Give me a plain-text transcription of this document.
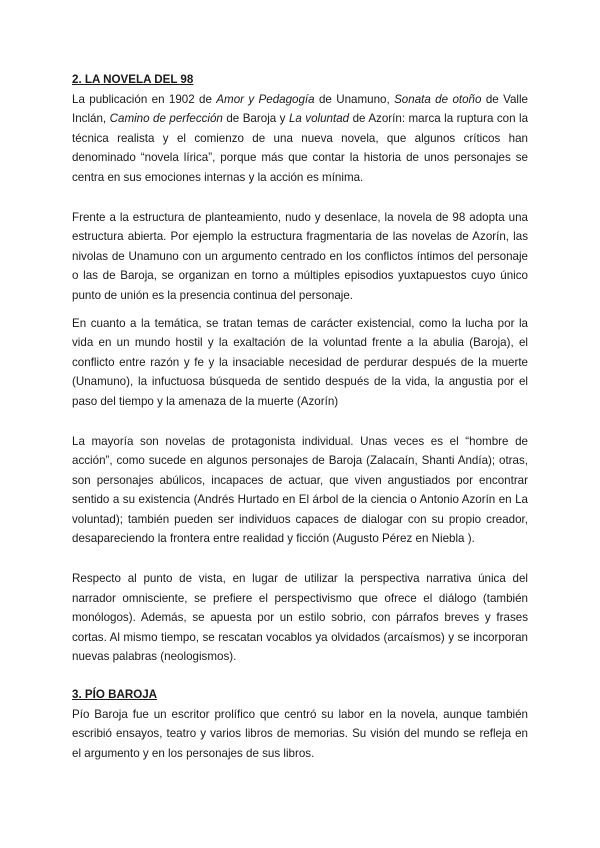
2. LA NOVELA DEL 98

La publicación en 1902 de Amor y Pedagogía de Unamuno, Sonata de otoño de Valle Inclán, Camino de perfección de Baroja y La voluntad de Azorín: marca la ruptura con la técnica realista y el comienzo de una nueva novela, que algunos críticos han denominado “novela lírica”, porque más que contar la historia de unos personajes se centra en sus emociones internas y la acción es mínima.

Frente a la estructura de planteamiento, nudo y desenlace, la novela de 98 adopta una estructura abierta. Por ejemplo la estructura fragmentaria de las novelas de Azorín, las nivolas de Unamuno con un argumento centrado en los conflictos íntimos del personaje o las de Baroja, se organizan en torno a múltiples episodios yuxtapuestos cuyo único punto de unión es la presencia continua del personaje.

En cuanto a la temática, se tratan temas de carácter existencial, como la lucha por la vida en un mundo hostil y la exaltación de la voluntad frente a la abulia (Baroja), el conflicto entre razón y fe y la insaciable necesidad de perdurar después de la muerte (Unamuno), la infuctuosa búsqueda de sentido después de la vida, la angustia por el paso del tiempo y la amenaza de la muerte (Azorín)

La mayoría son novelas de protagonista individual. Unas veces es el “hombre de acción”, como sucede en algunos personajes de Baroja (Zalacaín, Shanti Andía); otras, son personajes abúlicos, incapaces de actuar, que viven angustiados por encontrar sentido a su existencia (Andrés Hurtado en El árbol de la ciencia o Antonio Azorín en La voluntad); también pueden ser individuos capaces de dialogar con su propio creador, desapareciendo la frontera entre realidad y ficción (Augusto Pérez en Niebla ).

Respecto al punto de vista, en lugar de utilizar la perspectiva narrativa única del narrador omnisciente, se prefiere el perspectivismo que ofrece el diálogo (también monólogos). Además, se apuesta por un estilo sobrio, con párrafos breves y frases cortas. Al mismo tiempo, se rescatan vocablos ya olvidados (arcaísmos) y se incorporan nuevas palabras (neologismos).

3. PÍO BAROJA

Pío Baroja fue un escritor prolífico que centró su labor en la novela, aunque también escribió ensayos, teatro y varios libros de memorias. Su visión del mundo se refleja en el argumento y en los personajes de sus libros.
